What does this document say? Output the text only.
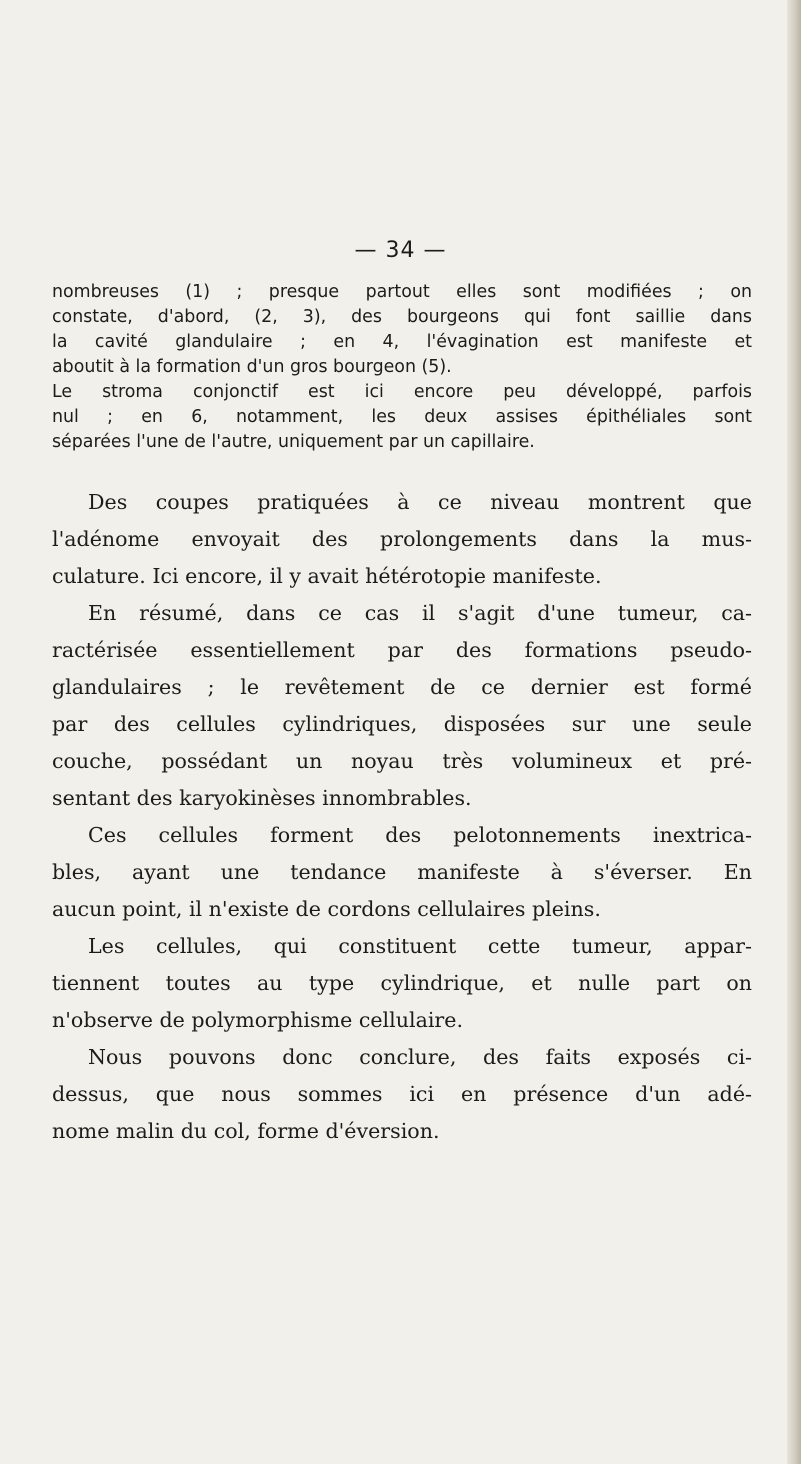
— 34 —

nombreuses (1) ; presque partout elles sont modifiées ; on

constate, d'abord, (2, 3), des bourgeons qui font saillie dans

la cavité glandulaire ; en 4, l'évagination est manifeste et

aboutit à la formation d'un gros bourgeon (5).

Le stroma conjonctif est ici encore peu développé, parfois

nul ; en 6, notamment, les deux assises épithéliales sont

séparées l'une de l'autre, uniquement par un capillaire.

Des coupes pratiquées à ce niveau montrent que

l'adénome envoyait des prolongements dans la mus-

culature. Ici encore, il y avait hétérotopie manifeste.

En résumé, dans ce cas il s'agit d'une tumeur, ca-

ractérisée essentiellement par des formations pseudo-

glandulaires ; le revêtement de ce dernier est formé

par des cellules cylindriques, disposées sur une seule

couche, possédant un noyau très volumineux et pré-

sentant des karyokinèses innombrables.

Ces cellules forment des pelotonnements inextrica-

bles, ayant une tendance manifeste à s'éverser. En

aucun point, il n'existe de cordons cellulaires pleins.

Les cellules, qui constituent cette tumeur, appar-

tiennent toutes au type cylindrique, et nulle part on

n'observe de polymorphisme cellulaire.

Nous pouvons donc conclure, des faits exposés ci-

dessus, que nous sommes ici en présence d'un adé-

nome malin du col, forme d'éversion.
